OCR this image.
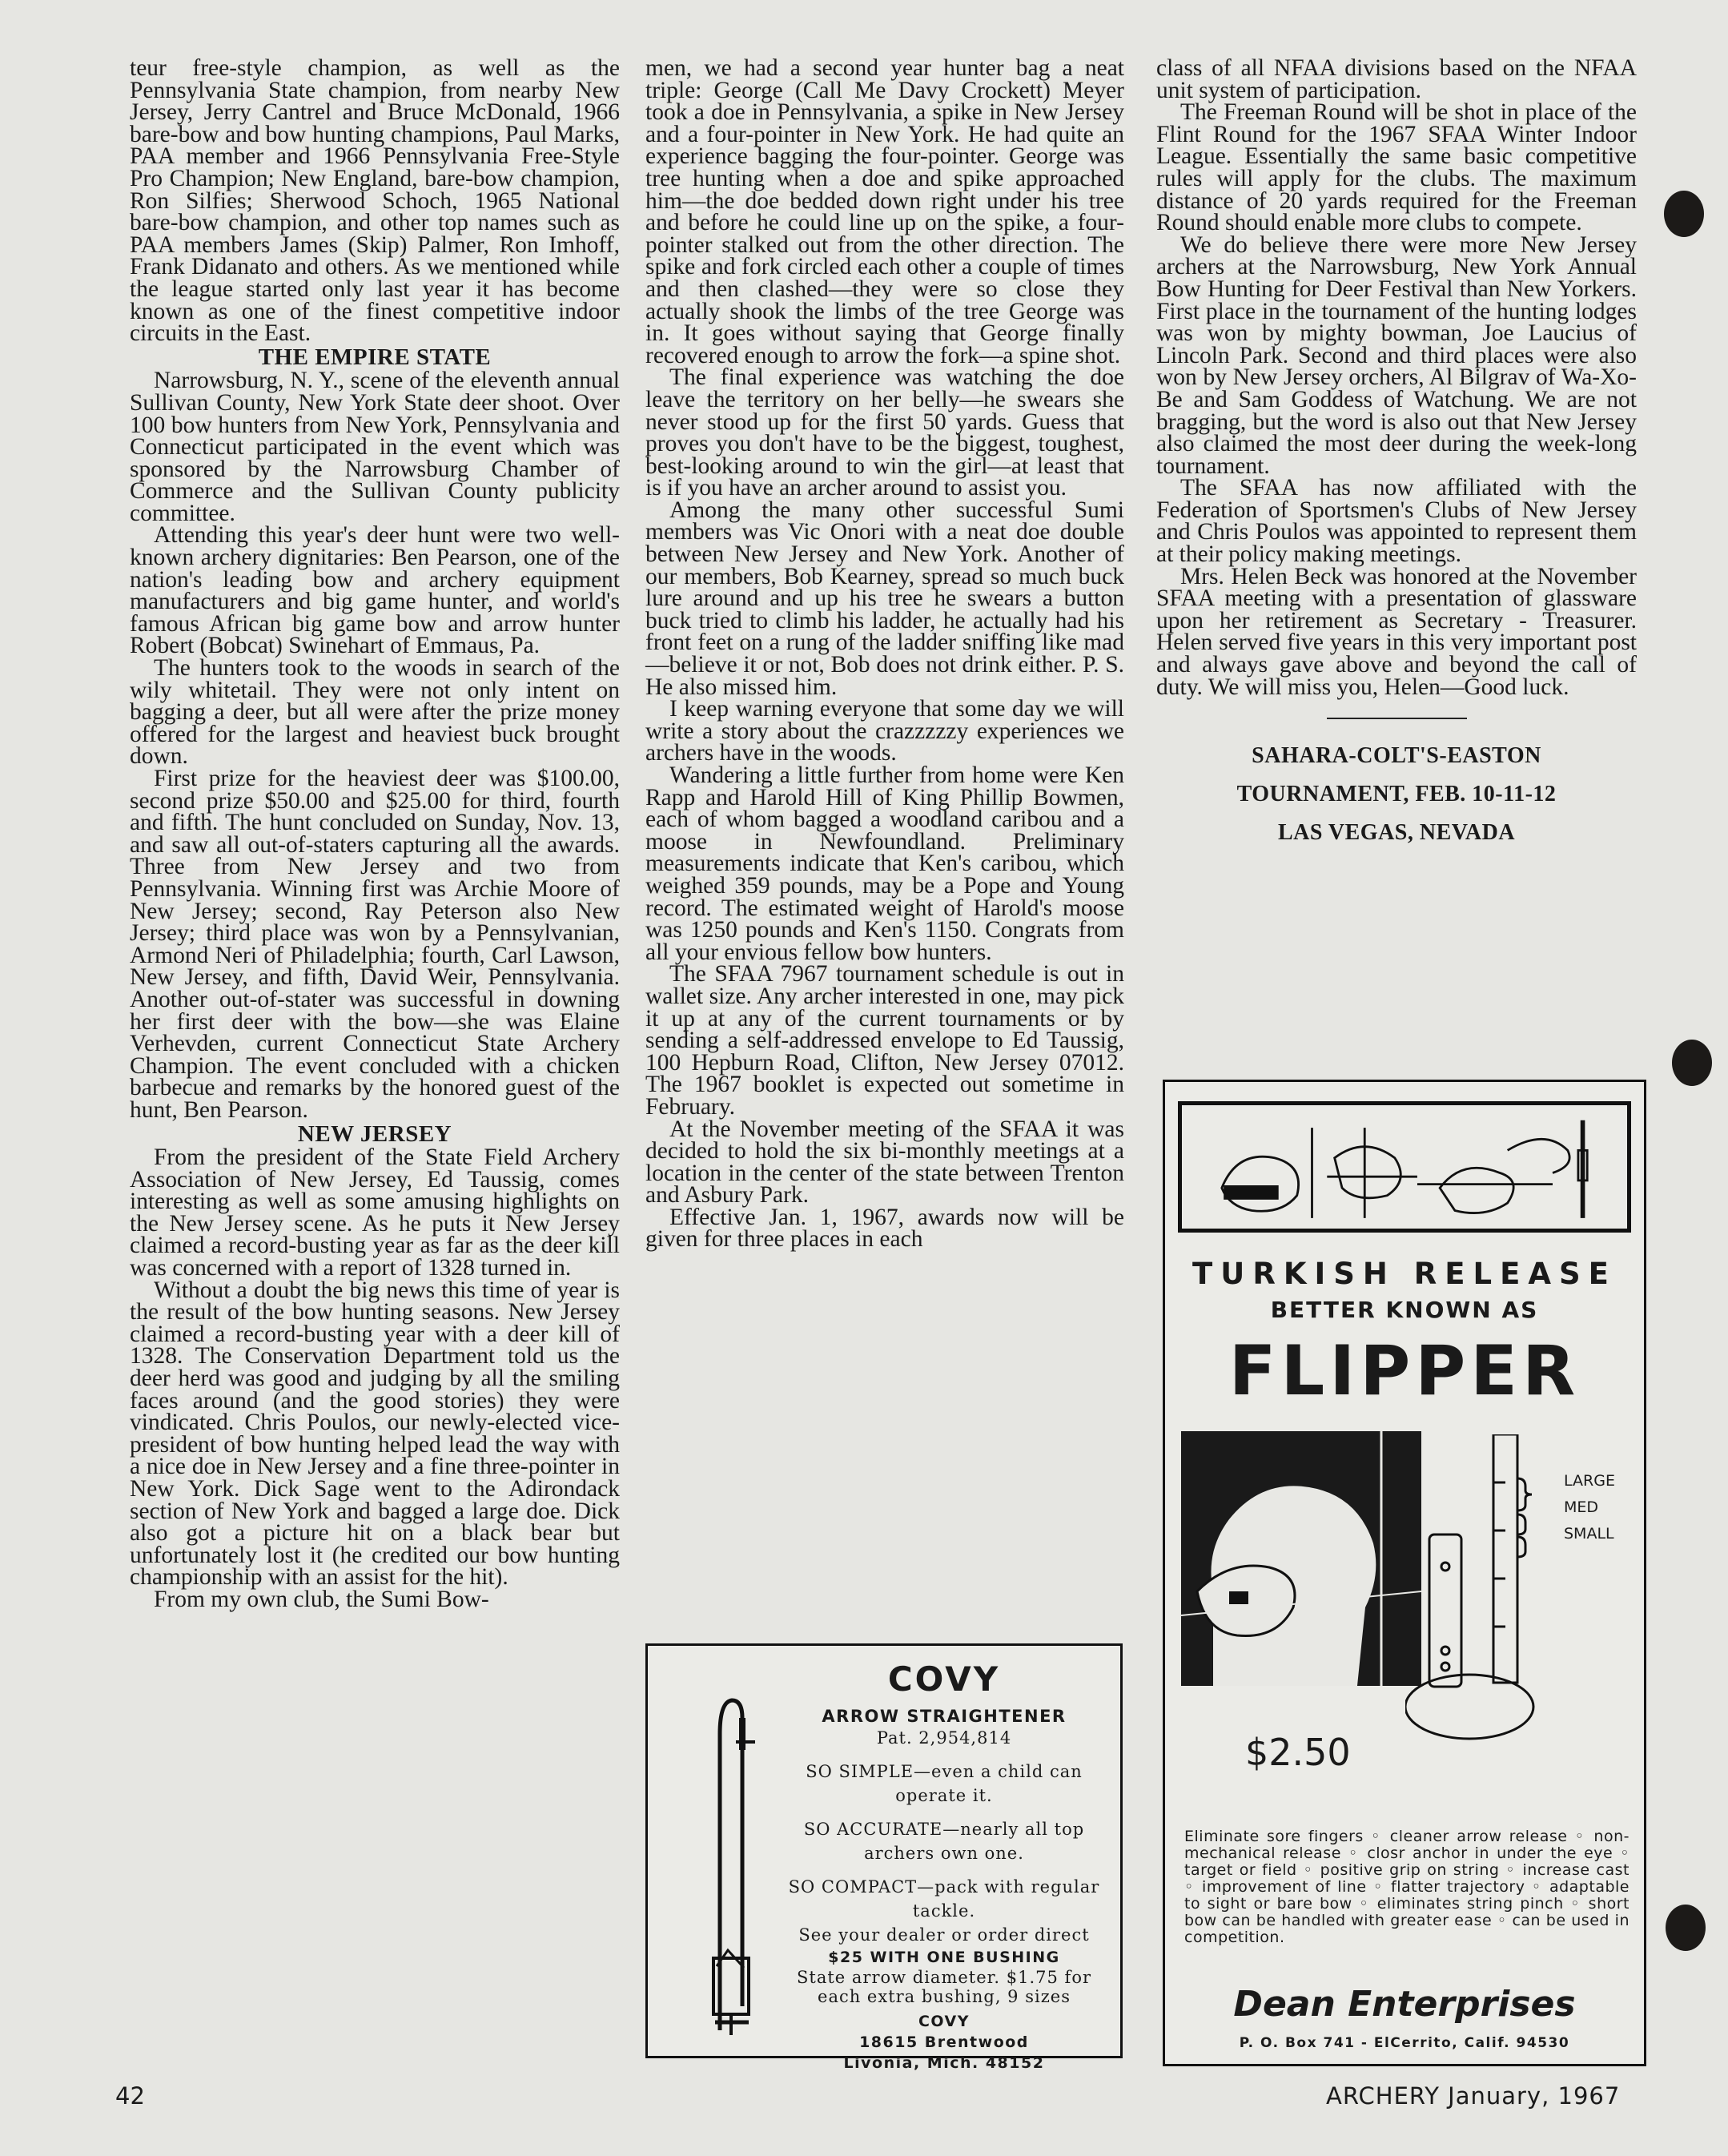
teur free-style champion, as well as the Pennsylvania State champion, from nearby New Jersey, Jerry Cantrel and Bruce McDonald, 1966 bare-bow and bow hunting champions, Paul Marks, PAA member and 1966 Pennsylvania Free-Style Pro Champion; New England, bare-bow champion, Ron Silfies; Sherwood Schoch, 1965 National bare-bow champion, and other top names such as PAA members James (Skip) Palmer, Ron Imhoff, Frank Didanato and others. As we mentioned while the league started only last year it has become known as one of the finest competitive indoor circuits in the East.

THE EMPIRE STATE

Narrowsburg, N. Y., scene of the eleventh annual Sullivan County, New York State deer shoot. Over 100 bow hunters from New York, Pennsylvania and Connecticut participated in the event which was sponsored by the Narrowsburg Chamber of Commerce and the Sullivan County publicity committee.

Attending this year's deer hunt were two well-known archery dignitaries: Ben Pearson, one of the nation's leading bow and archery equipment manufacturers and big game hunter, and world's famous African big game bow and arrow hunter Robert (Bobcat) Swinehart of Emmaus, Pa.

The hunters took to the woods in search of the wily whitetail. They were not only intent on bagging a deer, but all were after the prize money offered for the largest and heaviest buck brought down.

First prize for the heaviest deer was $100.00, second prize $50.00 and $25.00 for third, fourth and fifth. The hunt concluded on Sunday, Nov. 13, and saw all out-of-staters capturing all the awards. Three from New Jersey and two from Pennsylvania. Winning first was Archie Moore of New Jersey; second, Ray Peterson also New Jersey; third place was won by a Pennsylvanian, Armond Neri of Philadelphia; fourth, Carl Lawson, New Jersey, and fifth, David Weir, Pennsylvania. Another out-of-stater was successful in downing her first deer with the bow—she was Elaine Verhevden, current Connecticut State Archery Champion. The event concluded with a chicken barbecue and remarks by the honored guest of the hunt, Ben Pearson.

NEW JERSEY

From the president of the State Field Archery Association of New Jersey, Ed Taussig, comes interesting as well as some amusing highlights on the New Jersey scene. As he puts it New Jersey claimed a record-busting year as far as the deer kill was concerned with a report of 1328 turned in.

Without a doubt the big news this time of year is the result of the bow hunting seasons. New Jersey claimed a record-busting year with a deer kill of 1328. The Conservation Department told us the deer herd was good and judging by all the smiling faces around (and the good stories) they were vindicated. Chris Poulos, our newly-elected vice-president of bow hunting helped lead the way with a nice doe in New Jersey and a fine three-pointer in New York. Dick Sage went to the Adirondack section of New York and bagged a large doe. Dick also got a picture hit on a black bear but unfortunately lost it (he credited our bow hunting championship with an assist for the hit).

From my own club, the Sumi Bow-

men, we had a second year hunter bag a neat triple: George (Call Me Davy Crockett) Meyer took a doe in Pennsylvania, a spike in New Jersey and a four-pointer in New York. He had quite an experience bagging the four-pointer. George was tree hunting when a doe and spike approached him—the doe bedded down right under his tree and before he could line up on the spike, a four-pointer stalked out from the other direction. The spike and fork circled each other a couple of times and then clashed—they were so close they actually shook the limbs of the tree George was in. It goes without saying that George finally recovered enough to arrow the fork—a spine shot.

The final experience was watching the doe leave the territory on her belly—he swears she never stood up for the first 50 yards. Guess that proves you don't have to be the biggest, toughest, best-looking around to win the girl—at least that is if you have an archer around to assist you.

Among the many other successful Sumi members was Vic Onori with a neat doe double between New Jersey and New York. Another of our members, Bob Kearney, spread so much buck lure around and up his tree he swears a button buck tried to climb his ladder, he actually had his front feet on a rung of the ladder sniffing like mad—believe it or not, Bob does not drink either. P. S. He also missed him.

I keep warning everyone that some day we will write a story about the crazzzzzy experiences we archers have in the woods.

Wandering a little further from home were Ken Rapp and Harold Hill of King Phillip Bowmen, each of whom bagged a woodland caribou and a moose in Newfoundland. Preliminary measurements indicate that Ken's caribou, which weighed 359 pounds, may be a Pope and Young record. The estimated weight of Harold's moose was 1250 pounds and Ken's 1150. Congrats from all your envious fellow bow hunters.

The SFAA 7967 tournament schedule is out in wallet size. Any archer interested in one, may pick it up at any of the current tournaments or by sending a self-addressed envelope to Ed Taussig, 100 Hepburn Road, Clifton, New Jersey 07012. The 1967 booklet is expected out sometime in February.

At the November meeting of the SFAA it was decided to hold the six bi-monthly meetings at a location in the center of the state between Trenton and Asbury Park.

Effective Jan. 1, 1967, awards now will be given for three places in each

class of all NFAA divisions based on the NFAA unit system of participation.

The Freeman Round will be shot in place of the Flint Round for the 1967 SFAA Winter Indoor League. Essentially the same basic competitive rules will apply for the clubs. The maximum distance of 20 yards required for the Freeman Round should enable more clubs to compete.

We do believe there were more New Jersey archers at the Narrowsburg, New York Annual Bow Hunting for Deer Festival than New Yorkers. First place in the tournament of the hunting lodges was won by mighty bowman, Joe Laucius of Lincoln Park. Second and third places were also won by New Jersey orchers, Al Bilgrav of Wa-Xo-Be and Sam Goddess of Watchung. We are not bragging, but the word is also out that New Jersey also claimed the most deer during the week-long tournament.

The SFAA has now affiliated with the Federation of Sportsmen's Clubs of New Jersey and Chris Poulos was appointed to represent them at their policy making meetings.

Mrs. Helen Beck was honored at the November SFAA meeting with a presentation of glassware upon her retirement as Secretary - Treasurer. Helen served five years in this very important post and always gave above and beyond the call of duty. We will miss you, Helen—Good luck.

SAHARA-COLT'S-EASTON
TOURNAMENT, FEB. 10-11-12
LAS VEGAS, NEVADA
COVY
ARROW STRAIGHTENER
Pat. 2,954,814
SO SIMPLE—even a child can operate it.
SO ACCURATE—nearly all top archers own one.
SO COMPACT—pack with regular tackle.
See your dealer or order direct
$25 WITH ONE BUSHING
State arrow diameter. $1.75 for each extra bushing, 9 sizes
COVY
18615 Brentwood
Livonia, Mich. 48152
TURKISH RELEASE
BETTER KNOWN AS
FLIPPER
LARGE
MED
SMALL
$2.50
Eliminate sore fingers ◦ cleaner arrow release ◦ non-mechanical release ◦ closr anchor in under the eye ◦ target or field ◦ positive grip on string ◦ increase cast ◦ improvement of line ◦ flatter trajectory ◦ adaptable to sight or bare bow ◦ eliminates string pinch ◦ short bow can be handled with greater ease ◦ can be used in competition.
Dean Enterprises
P. O. Box 741 - ElCerrito, Calif. 94530
42	ARCHERY January, 1967
